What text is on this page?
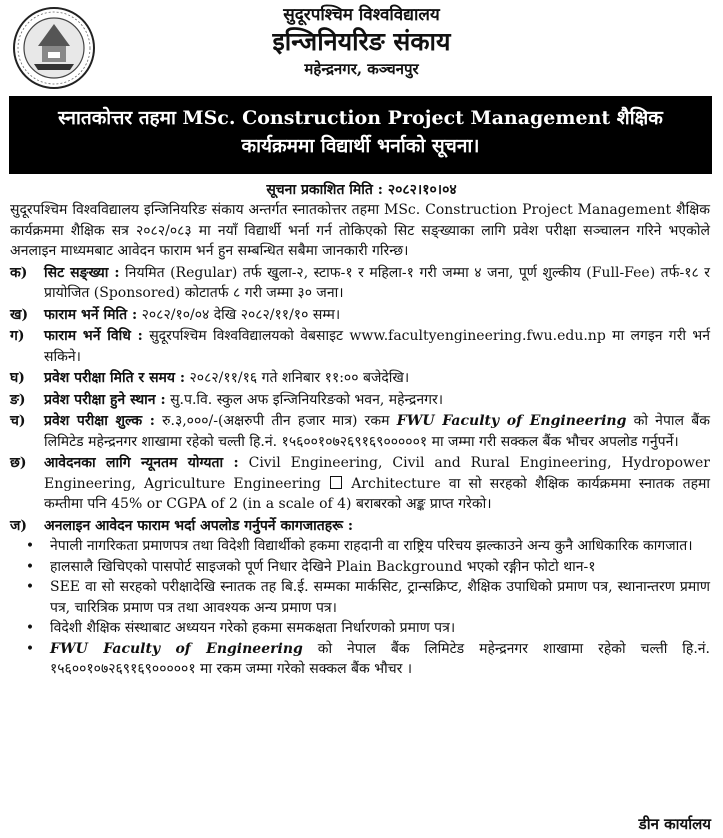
सुदूरपश्चिम विश्वविद्यालय
इन्जिनियरिङ संकाय
महेन्द्रनगर, कञ्चनपुर
स्नातकोत्तर तहमा MSc. Construction Project Management शैक्षिक
कार्यक्रममा विद्यार्थी भर्नाको सूचना।
सूचना प्रकाशित मिति : २०८२।१०।०४
सुदूरपश्चिम विश्वविद्यालय इन्जिनियरिङ संकाय अन्तर्गत स्नातकोत्तर तहमा MSc. Construction Project Management शैक्षिक कार्यक्रममा शैक्षिक सत्र २०८२/०८३ मा नयाँ विद्यार्थी भर्ना गर्न तोकिएको सिट सङ्ख्याका लागि प्रवेश परीक्षा सञ्चालन गरिने भएकोले अनलाइन माध्यमबाट आवेदन फाराम भर्न हुन सम्बन्धित सबैमा जानकारी गरिन्छ।
क)	सिट सङ्ख्या : नियमित (Regular) तर्फ खुला-२, स्टाफ-१ र महिला-१ गरी जम्मा ४ जना, पूर्ण शुल्कीय (Full-Fee) तर्फ-१८ र प्रायोजित (Sponsored) कोटातर्फ ८ गरी जम्मा ३० जना।
ख)	फाराम भर्ने मिति : २०८२/१०/०४ देखि २०८२/११/१० सम्म।
ग)	फाराम भर्ने विधि : सुदूरपश्चिम विश्वविद्यालयको वेबसाइट www.facultyengineering.fwu.edu.np मा लगइन गरी भर्न सकिने।
घ)	प्रवेश परीक्षा मिति र समय : २०८२/११/१६ गते शनिबार ११:०० बजेदेखि।
ङ)	प्रवेश परीक्षा हुने स्थान : सु.प.वि. स्कुल अफ इन्जिनियरिङको भवन, महेन्द्रनगर।
च)	प्रवेश परीक्षा शुल्क : रु.३,०००/-(अक्षरुपी तीन हजार मात्र) रकम FWU Faculty of Engineering को नेपाल बैंक लिमिटेड महेन्द्रनगर शाखामा रहेको चल्ती हि.नं. १५६००१०७२६९१६९०००००१ मा जम्मा गरी सक्कल बैंक भौचर अपलोड गर्नुपर्ने।
छ)	आवेदनका लागि न्यूनतम योग्यता : Civil Engineering, Civil and Rural Engineering, Hydropower Engineering, Agriculture Engineering  Architecture वा सो सरहको शैक्षिक कार्यक्रममा स्नातक तहमा कम्तीमा पनि 45% or CGPA of 2 (in a scale of 4) बराबरको अङ्क प्राप्त गरेको।
ज)	अनलाइन आवेदन फाराम भर्दा अपलोड गर्नुपर्ने कागजातहरू :
•	नेपाली नागरिकता प्रमाणपत्र तथा विदेशी विद्यार्थीको हकमा राहदानी वा राष्ट्रिय परिचय झल्काउने अन्य कुनै आधिकारिक कागजात।
•	हालसालै खिचिएको पासपोर्ट साइजको पूर्ण निधार देखिने Plain Background भएको रङ्गीन फोटो थान-१
•	SEE वा सो सरहको परीक्षादेखि स्नातक तह बि.ई. सम्मका मार्कसिट, ट्रान्सक्रिप्ट, शैक्षिक उपाधिको प्रमाण पत्र, स्थानान्तरण प्रमाण पत्र, चारित्रिक प्रमाण पत्र तथा आवश्यक अन्य प्रमाण पत्र।
•	विदेशी शैक्षिक संस्थाबाट अध्ययन गरेको हकमा समकक्षता निर्धारणको प्रमाण पत्र।
•	FWU Faculty of Engineering को नेपाल बैंक लिमिटेड महेन्द्रनगर शाखामा रहेको चल्ती हि.नं. १५६००१०७२६९१६९०००००१ मा रकम जम्मा गरेको सक्कल बैंक भौचर ।
डीन कार्यालय
